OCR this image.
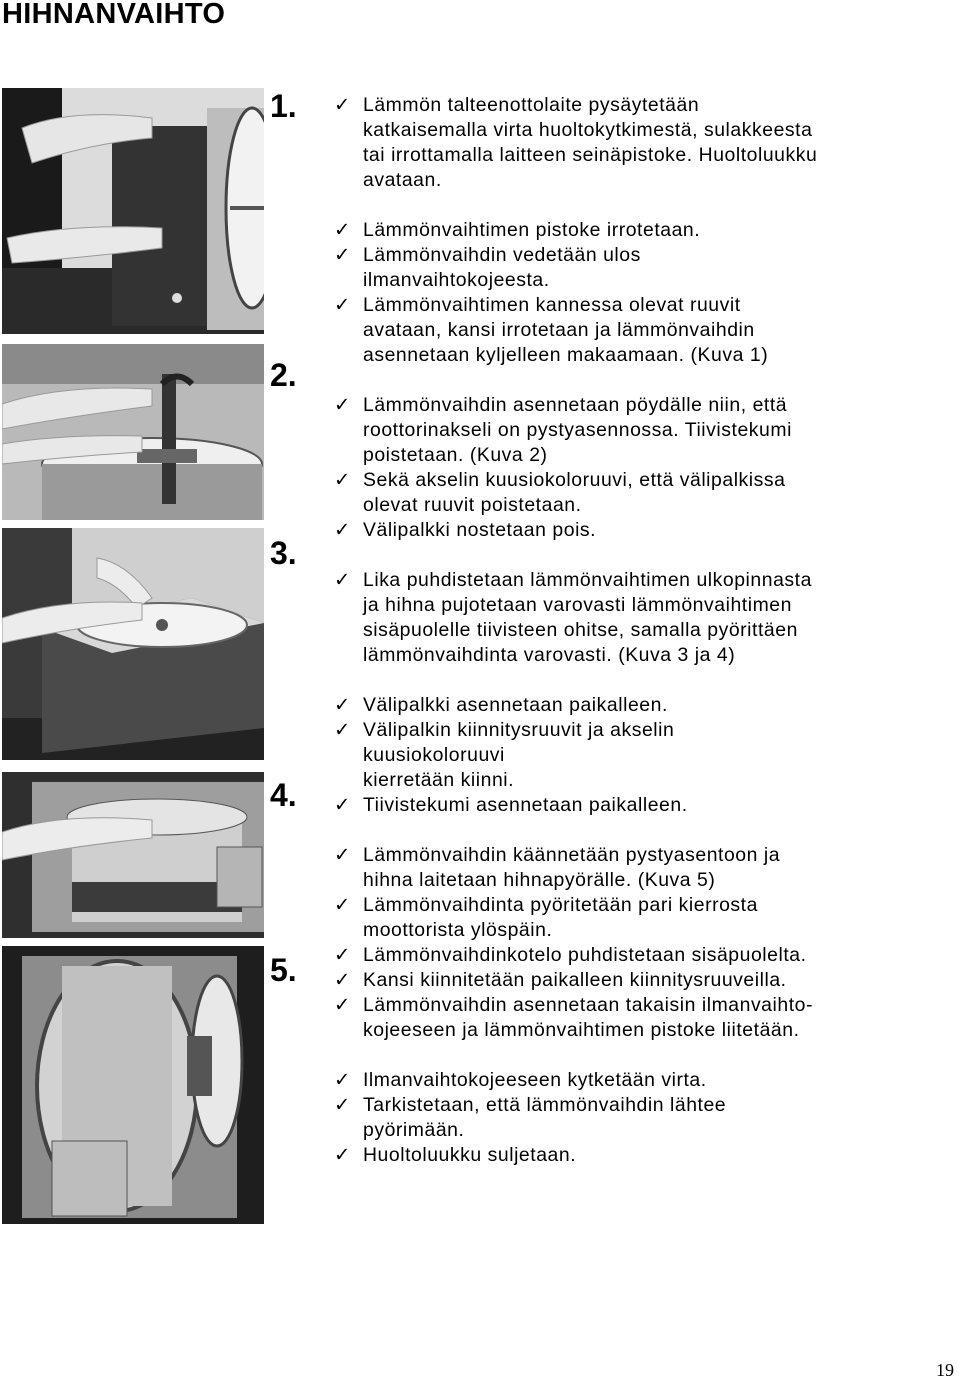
HIHNANVAIHTO
1.
2.
3.
4.
5.
✓ Lämmön talteenottolaite pysäytetään
katkaisemalla virta huoltokytkimestä, sulakkeesta
tai irrottamalla laitteen seinäpistoke. Huoltoluukku
avataan.
✓ Lämmönvaihtimen pistoke irrotetaan.
✓ Lämmönvaihdin vedetään ulos
ilmanvaihtokojeesta.
✓ Lämmönvaihtimen kannessa olevat ruuvit
avataan, kansi irrotetaan ja lämmönvaihdin
asennetaan kyljelleen makaamaan. (Kuva 1)
✓ Lämmönvaihdin asennetaan pöydälle niin, että
roottorinakseli on pystyasennossa. Tiivistekumi
poistetaan. (Kuva 2)
✓ Sekä akselin kuusiokoloruuvi, että välipalkissa
olevat ruuvit poistetaan.
✓ Välipalkki nostetaan pois.
✓ Lika puhdistetaan lämmönvaihtimen ulkopinnasta
ja hihna pujotetaan varovasti lämmönvaihtimen
sisäpuolelle tiivisteen ohitse, samalla pyörittäen
lämmönvaihdinta varovasti. (Kuva 3 ja 4)
✓ Välipalkki asennetaan paikalleen.
✓ Välipalkin kiinnitysruuvit ja akselin
kuusiokoloruuvi
kierretään kiinni.
✓ Tiivistekumi asennetaan paikalleen.
✓ Lämmönvaihdin käännetään pystyasentoon ja
hihna laitetaan hihnapyörälle. (Kuva 5)
✓ Lämmönvaihdinta pyöritetään pari kierrosta
moottorista ylöspäin.
✓ Lämmönvaihdinkotelo puhdistetaan sisäpuolelta.
✓ Kansi kiinnitetään paikalleen kiinnitysruuveilla.
✓ Lämmönvaihdin asennetaan takaisin ilmanvaihto-
kojeeseen ja lämmönvaihtimen pistoke liitetään.
✓ Ilmanvaihtokojeeseen kytketään virta.
✓ Tarkistetaan, että lämmönvaihdin lähtee
pyörimään.
✓ Huoltoluukku suljetaan.
19
